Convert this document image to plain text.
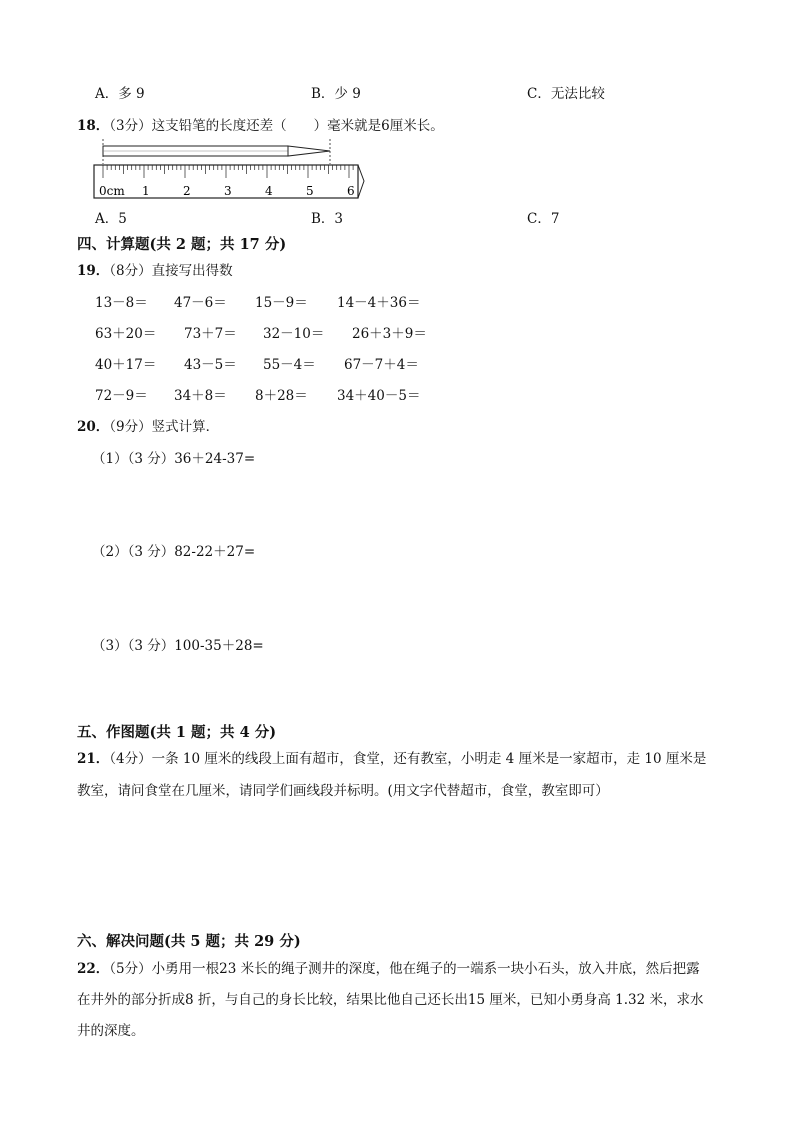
A．多 9	B．少 9	C．无法比较
18．（3分）这支铅笔的长度还差（　　）毫米就是6厘米长。
0cm 1	2	3	4	5	6
A．5	B．3	C．7
四、计算题(共 2 题；共 17 分)
19．（8分）直接写出得数
13－8＝ 47－6＝ 15－9＝ 14－4＋36＝
63＋20＝ 73＋7＝ 32－10＝ 26＋3＋9＝
40＋17＝ 43－5＝ 55－4＝ 67－7＋4＝
72－9＝ 34＋8＝ 8＋28＝ 34＋40－5＝
20．（9分）竖式计算．
（1）（3 分）36＋24-37=
（2）（3 分）82-22＋27=
（3）（3 分）100-35＋28=
五、作图题(共 1 题；共 4 分)
21．（4分）一条 10 厘米的线段上面有超市，食堂，还有教室，小明走 4 厘米是一家超市，走 10 厘米是
教室，请问食堂在几厘米，请同学们画线段并标明。(用文字代替超市，食堂，教室即可）
六、解决问题(共 5 题；共 29 分)
22．（5分）小勇用一根23 米长的绳子测井的深度，他在绳子的一端系一块小石头，放入井底，然后把露
在井外的部分折成8 折，与自己的身长比较，结果比他自己还长出15 厘米，已知小勇身高 1.32 米，求水
井的深度。
